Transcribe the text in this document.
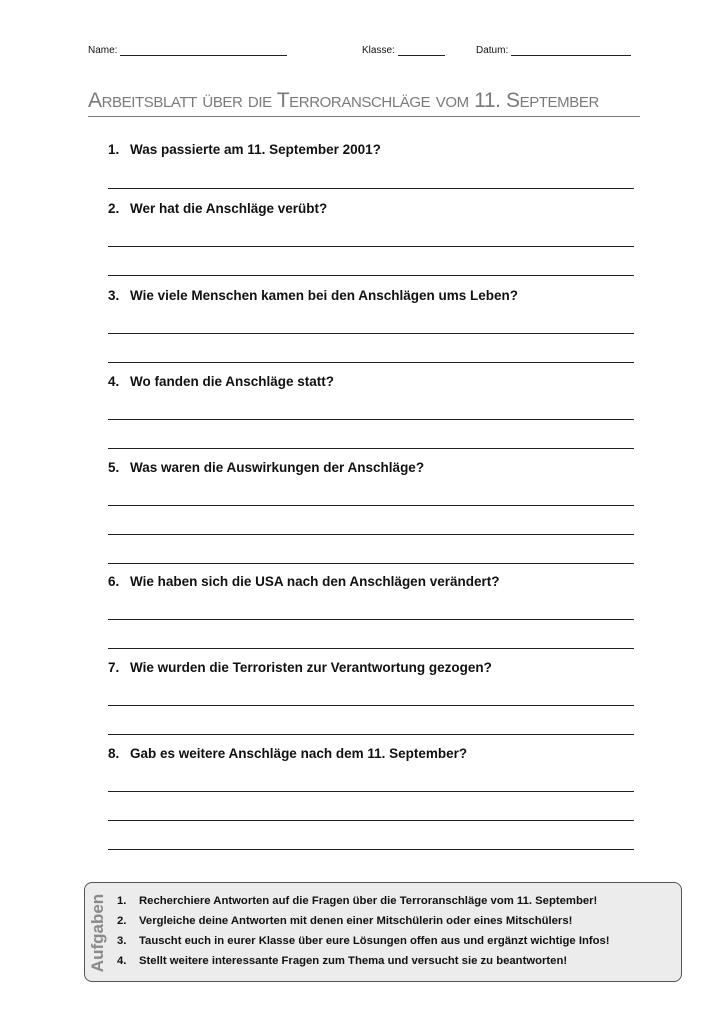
Name:	Klasse:	Datum:
Arbeitsblatt über die Terroranschläge vom 11. September
1. Was passierte am 11. September 2001?
2. Wer hat die Anschläge verübt?
3. Wie viele Menschen kamen bei den Anschlägen ums Leben?
4. Wo fanden die Anschläge statt?
5. Was waren die Auswirkungen der Anschläge?
6. Wie haben sich die USA nach den Anschlägen verändert?
7. Wie wurden die Terroristen zur Verantwortung gezogen?
8. Gab es weitere Anschläge nach dem 11. September?
Aufgaben 1. Recherchiere Antworten auf die Fragen über die Terroranschläge vom 11. September!
2. Vergleiche deine Antworten mit denen einer Mitschülerin oder eines Mitschülers!
3. Tauscht euch in eurer Klasse über eure Lösungen offen aus und ergänzt wichtige Infos!
4. Stellt weitere interessante Fragen zum Thema und versucht sie zu beantworten!
